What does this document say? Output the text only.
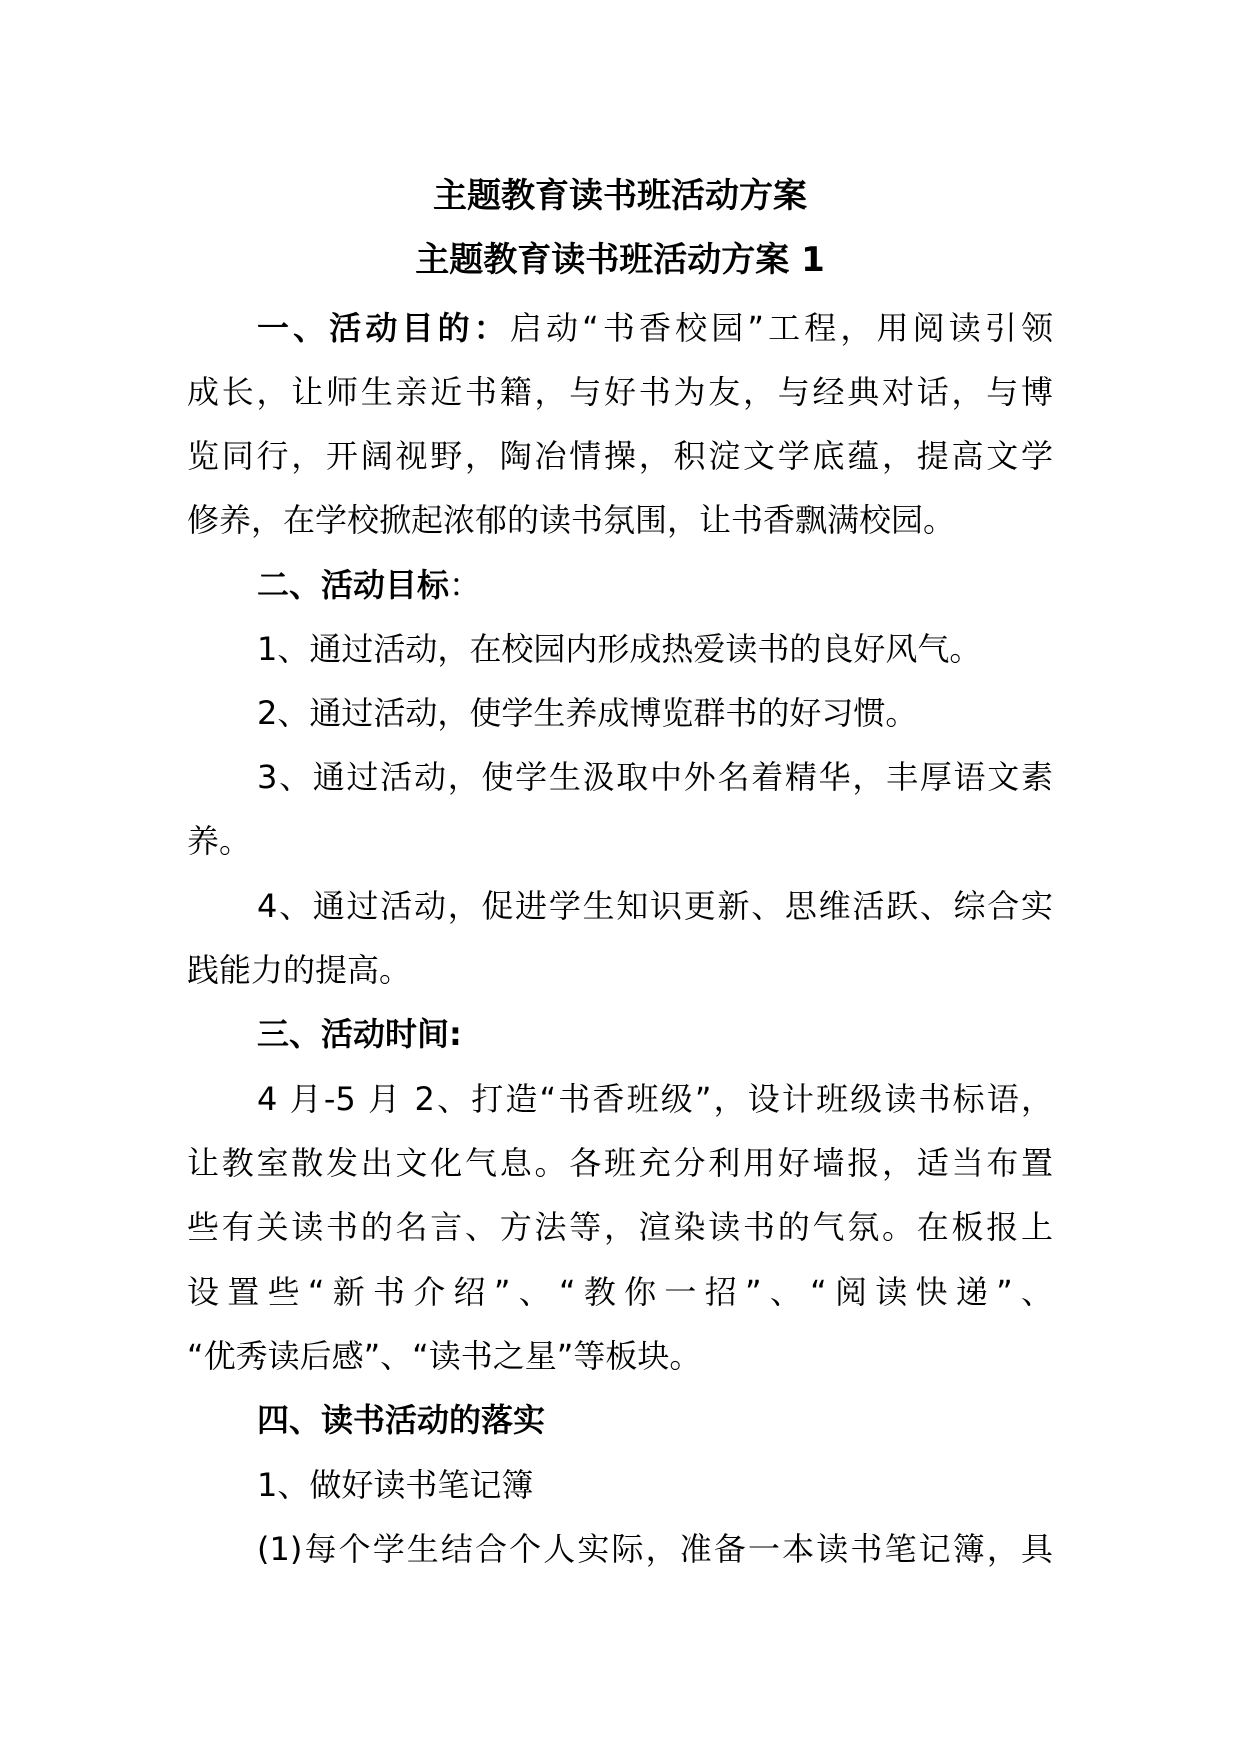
主题教育读书班活动方案
主题教育读书班活动方案 1
一、活动目的：启动“书香校园”工程，用阅读引领
成长，让师生亲近书籍，与好书为友，与经典对话，与博
览同行，开阔视野，陶冶情操，积淀文学底蕴，提高文学
修养，在学校掀起浓郁的读书氛围，让书香飘满校园。
二、活动目标：
1、通过活动，在校园内形成热爱读书的良好风气。
2、通过活动，使学生养成博览群书的好习惯。
3、通过活动，使学生汲取中外名着精华，丰厚语文素
养。
4、通过活动，促进学生知识更新、思维活跃、综合实
践能力的提高。
三、活动时间:
4 月-5 月 2、打造“书香班级”，设计班级读书标语，
让教室散发出文化气息。各班充分利用好墙报，适当布置
些有关读书的名言、方法等，渲染读书的气氛。在板报上
设置些“新书介绍”、“教你一招”、“阅读快递”、
“优秀读后感”、“读书之星”等板块。
四、读书活动的落实
1、做好读书笔记簿
(1)每个学生结合个人实际，准备一本读书笔记簿，具
